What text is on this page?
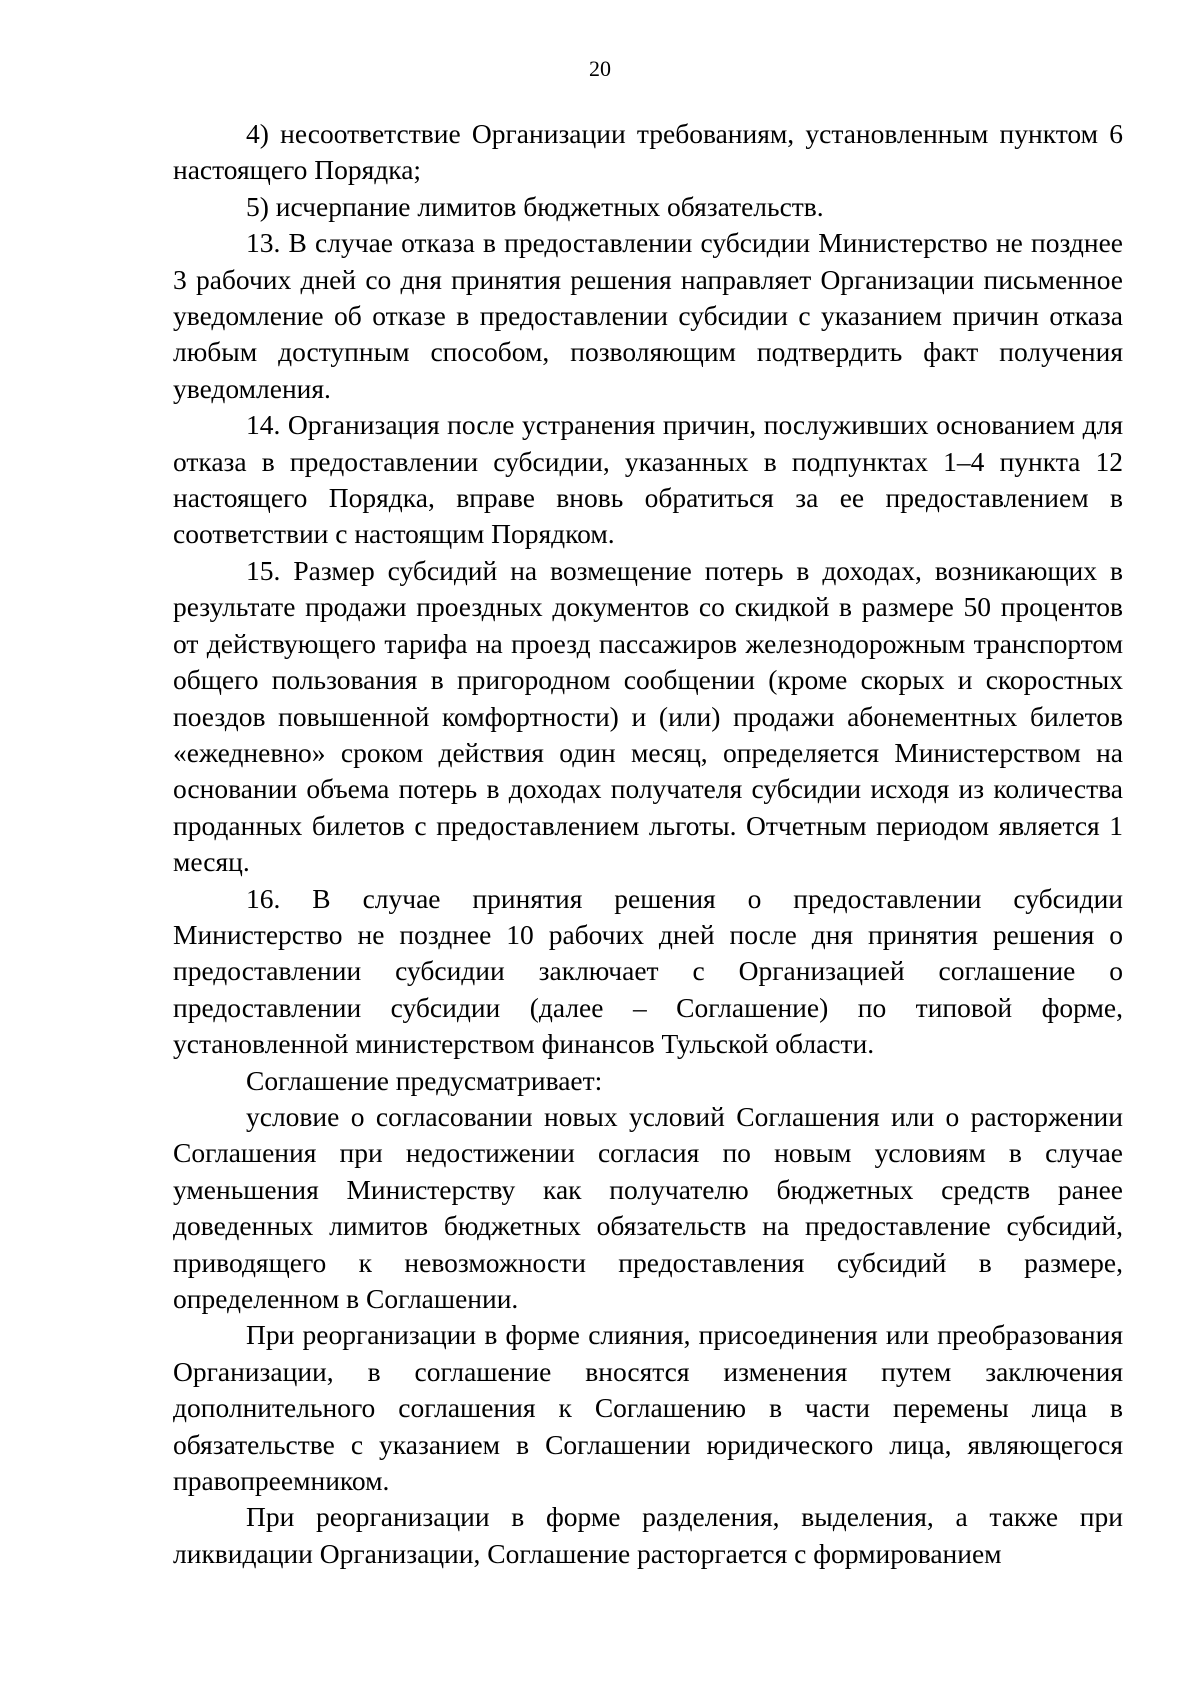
20

4) несоответствие Организации требованиям, установленным пунктом 6 настоящего Порядка;

5) исчерпание лимитов бюджетных обязательств.

13. В случае отказа в предоставлении субсидии Министерство не позднее 3 рабочих дней со дня принятия решения направляет Организации письменное уведомление об отказе в предоставлении субсидии с указанием причин отказа любым доступным способом, позволяющим подтвердить факт получения уведомления.

14. Организация после устранения причин, послуживших основанием для отказа в предоставлении субсидии, указанных в подпунктах 1–4 пункта 12 настоящего Порядка, вправе вновь обратиться за ее предоставлением в соответствии с настоящим Порядком.

15. Размер субсидий на возмещение потерь в доходах, возникающих в результате продажи проездных документов со скидкой в размере 50 процентов от действующего тарифа на проезд пассажиров железнодорожным транспортом общего пользования в пригородном сообщении (кроме скорых и скоростных поездов повышенной комфортности) и (или) продажи абонементных билетов «ежедневно» сроком действия один месяц, определяется Министерством на основании объема потерь в доходах получателя субсидии исходя из количества проданных билетов с предоставлением льготы. Отчетным периодом является 1 месяц.

16. В случае принятия решения о предоставлении субсидии Министерство не позднее 10 рабочих дней после дня принятия решения о предоставлении субсидии заключает с Организацией соглашение о предоставлении субсидии (далее – Соглашение) по типовой форме, установленной министерством финансов Тульской области.

Соглашение предусматривает:

условие о согласовании новых условий Соглашения или о расторжении Соглашения при недостижении согласия по новым условиям в случае уменьшения Министерству как получателю бюджетных средств ранее доведенных лимитов бюджетных обязательств на предоставление субсидий, приводящего к невозможности предоставления субсидий в размере, определенном в Соглашении.

При реорганизации в форме слияния, присоединения или преобразования Организации, в соглашение вносятся изменения путем заключения дополнительного соглашения к Соглашению в части перемены лица в обязательстве с указанием в Соглашении юридического лица, являющегося правопреемником.

При реорганизации в форме разделения, выделения, а также при ликвидации Организации, Соглашение расторгается с формированием
